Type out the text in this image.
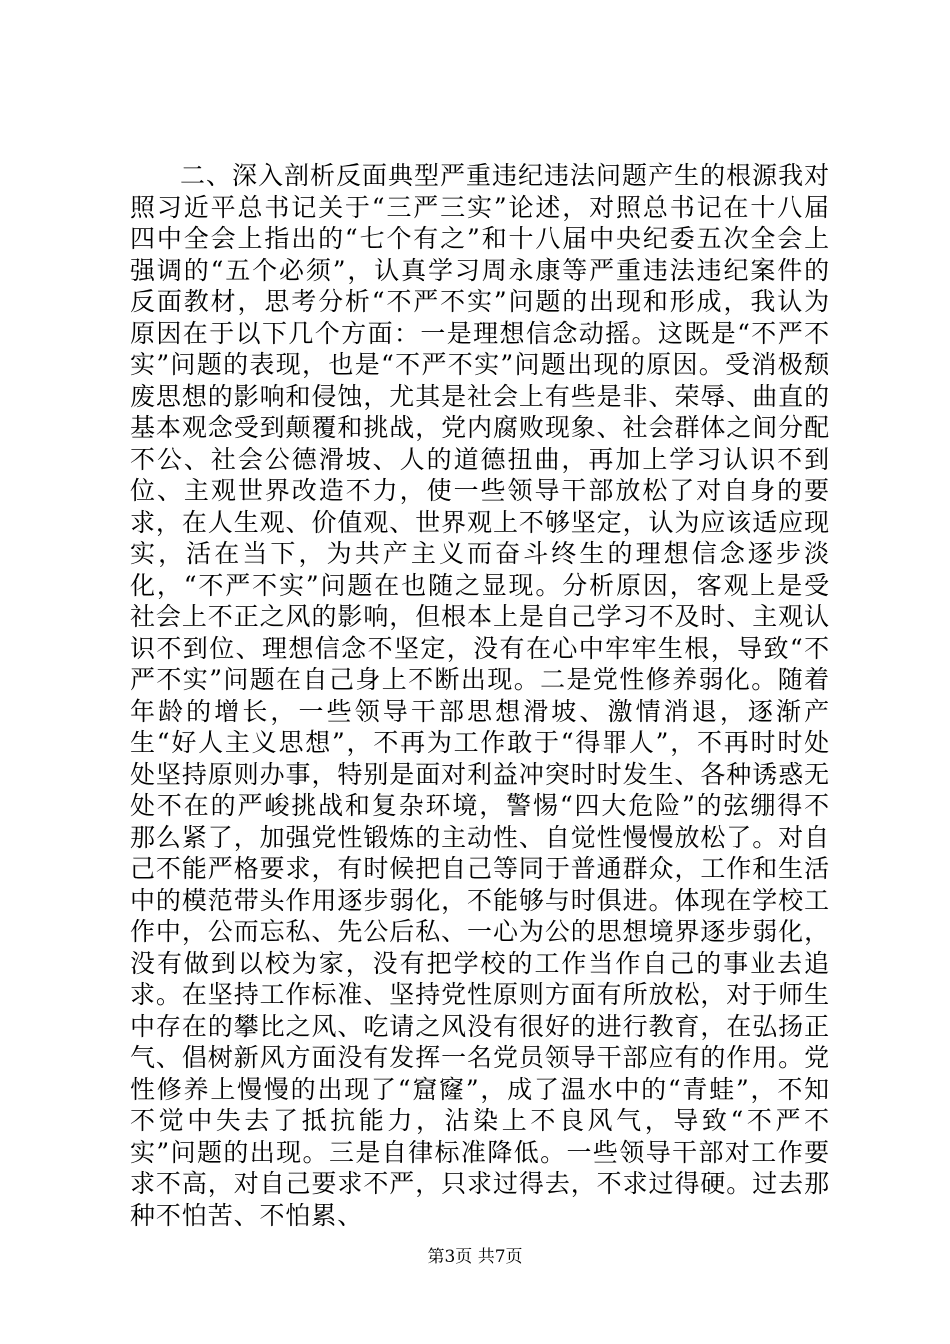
二、深入剖析反面典型严重违纪违法问题产生的根源我对照习近平总书记关于“三严三实”论述，对照总书记在十八届四中全会上指出的“七个有之”和十八届中央纪委五次全会上强调的“五个必须”，认真学习周永康等严重违法违纪案件的反面教材，思考分析“不严不实”问题的出现和形成，我认为原因在于以下几个方面：一是理想信念动摇。这既是“不严不实”问题的表现，也是“不严不实”问题出现的原因。受消极颓废思想的影响和侵蚀，尤其是社会上有些是非、荣辱、曲直的基本观念受到颠覆和挑战，党内腐败现象、社会群体之间分配不公、社会公德滑坡、人的道德扭曲，再加上学习认识不到位、主观世界改造不力，使一些领导干部放松了对自身的要求，在人生观、价值观、世界观上不够坚定，认为应该适应现实，活在当下，为共产主义而奋斗终生的理想信念逐步淡化，“不严不实”问题在也随之显现。分析原因，客观上是受社会上不正之风的影响，但根本上是自己学习不及时、主观认识不到位、理想信念不坚定，没有在心中牢牢生根，导致“不严不实”问题在自己身上不断出现。二是党性修养弱化。随着年龄的增长，一些领导干部思想滑坡、激情消退，逐渐产生“好人主义思想”，不再为工作敢于“得罪人”，不再时时处处坚持原则办事，特别是面对利益冲突时时发生、各种诱惑无处不在的严峻挑战和复杂环境，警惕“四大危险”的弦绷得不那么紧了，加强党性锻炼的主动性、自觉性慢慢放松了。对自己不能严格要求，有时候把自己等同于普通群众，工作和生活中的模范带头作用逐步弱化，不能够与时俱进。体现在学校工作中，公而忘私、先公后私、一心为公的思想境界逐步弱化，没有做到以校为家，没有把学校的工作当作自己的事业去追求。在坚持工作标准、坚持党性原则方面有所放松，对于师生中存在的攀比之风、吃请之风没有很好的进行教育，在弘扬正气、倡树新风方面没有发挥一名党员领导干部应有的作用。党性修养上慢慢的出现了“窟窿”，成了温水中的“青蛙”，不知不觉中失去了抵抗能力，沾染上不良风气，导致“不严不实”问题的出现。三是自律标准降低。一些领导干部对工作要求不高，对自己要求不严，只求过得去，不求过得硬。过去那种不怕苦、不怕累、

第3页 共7页
